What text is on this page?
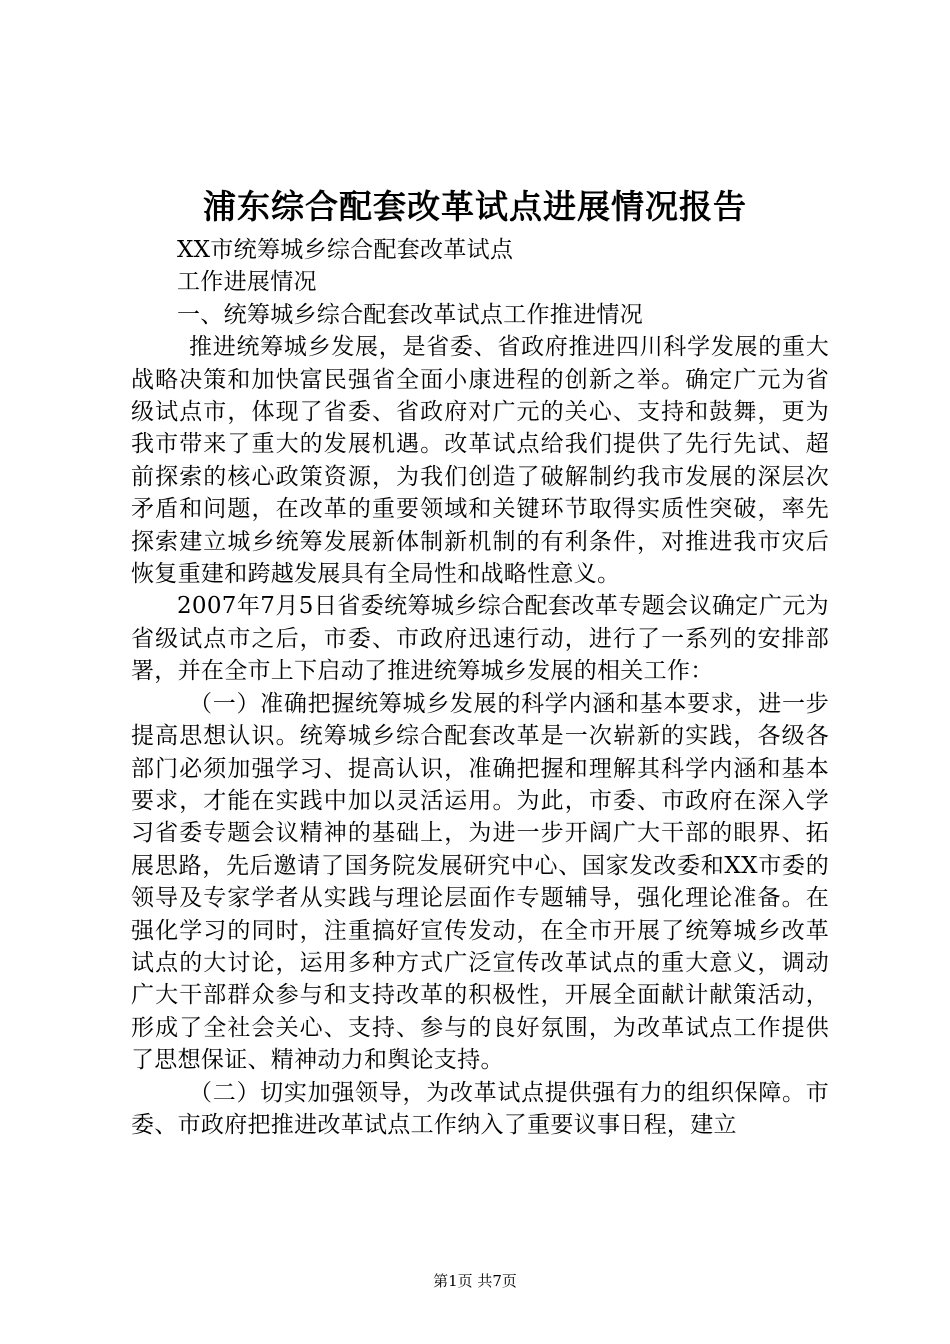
浦东综合配套改革试点进展情况报告

XX市统筹城乡综合配套改革试点

工作进展情况

一、统筹城乡综合配套改革试点工作推进情况

推进统筹城乡发展，是省委、省政府推进四川科学发展的重大战略决策和加快富民强省全面小康进程的创新之举。确定广元为省级试点市，体现了省委、省政府对广元的关心、支持和鼓舞，更为我市带来了重大的发展机遇。改革试点给我们提供了先行先试、超前探索的核心政策资源，为我们创造了破解制约我市发展的深层次矛盾和问题，在改革的重要领域和关键环节取得实质性突破，率先探索建立城乡统筹发展新体制新机制的有利条件，对推进我市灾后恢复重建和跨越发展具有全局性和战略性意义。

2007年7月5日省委统筹城乡综合配套改革专题会议确定广元为省级试点市之后，市委、市政府迅速行动，进行了一系列的安排部署，并在全市上下启动了推进统筹城乡发展的相关工作：

（一）准确把握统筹城乡发展的科学内涵和基本要求，进一步提高思想认识。统筹城乡综合配套改革是一次崭新的实践，各级各部门必须加强学习、提高认识，准确把握和理解其科学内涵和基本要求，才能在实践中加以灵活运用。为此，市委、市政府在深入学习省委专题会议精神的基础上，为进一步开阔广大干部的眼界、拓展思路，先后邀请了国务院发展研究中心、国家发改委和XX市委的领导及专家学者从实践与理论层面作专题辅导，强化理论准备。在强化学习的同时，注重搞好宣传发动，在全市开展了统筹城乡改革试点的大讨论，运用多种方式广泛宣传改革试点的重大意义，调动广大干部群众参与和支持改革的积极性，开展全面献计献策活动，形成了全社会关心、支持、参与的良好氛围，为改革试点工作提供了思想保证、精神动力和舆论支持。

（二）切实加强领导，为改革试点提供强有力的组织保障。市委、市政府把推进改革试点工作纳入了重要议事日程，建立

第1页 共7页
